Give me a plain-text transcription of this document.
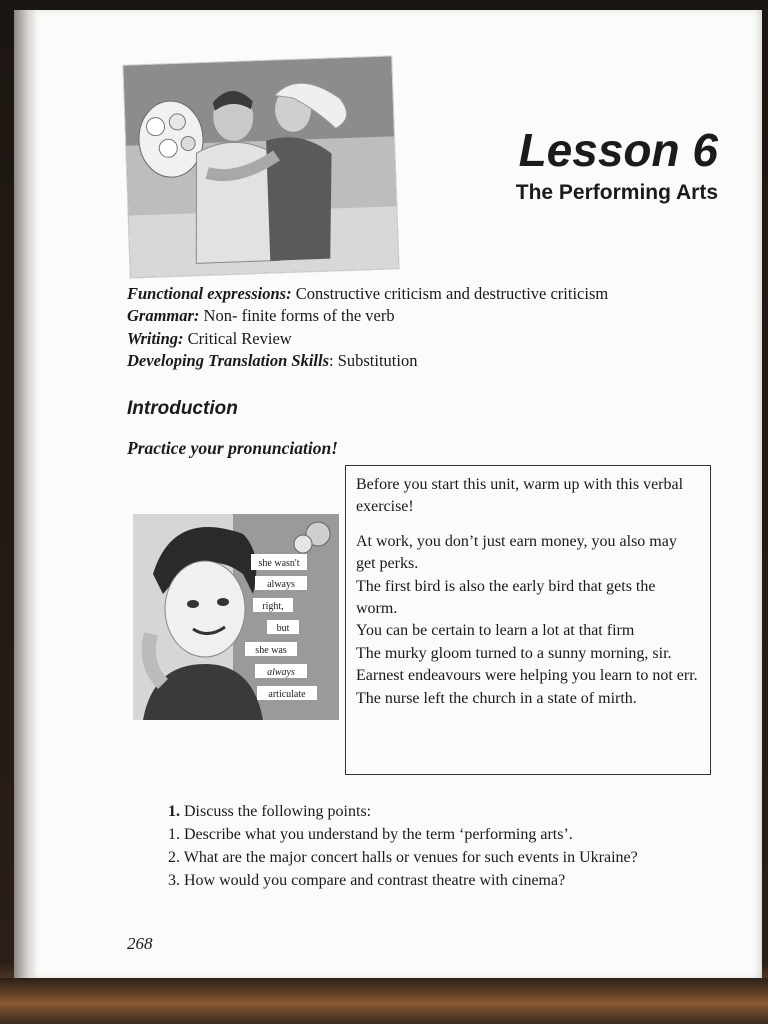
Lesson 6
The Performing Arts
Functional expressions: Constructive criticism and destructive criticism
Grammar: Non- finite forms of the verb
Writing: Critical Review
Developing Translation Skills: Substitution
Introduction
Practice your pronunciation!
she wasn't
always
right,
but
she was
always
articulate
Before you start this unit, warm up with this verbal exercise!
At work, you don’t just earn money, you also may get perks.
The first bird is also the early bird that gets the worm.
You can be certain to learn a lot at that firm
The murky gloom turned to a sunny morning, sir.
Earnest endeavours were helping you learn to not err.
The nurse left the church in a state of mirth.
1. Discuss the following points:
1. Describe what you understand by the term ‘performing arts’.
2. What are the major concert halls or venues for such events in Ukraine?
3. How would you compare and contrast theatre with cinema?
268
